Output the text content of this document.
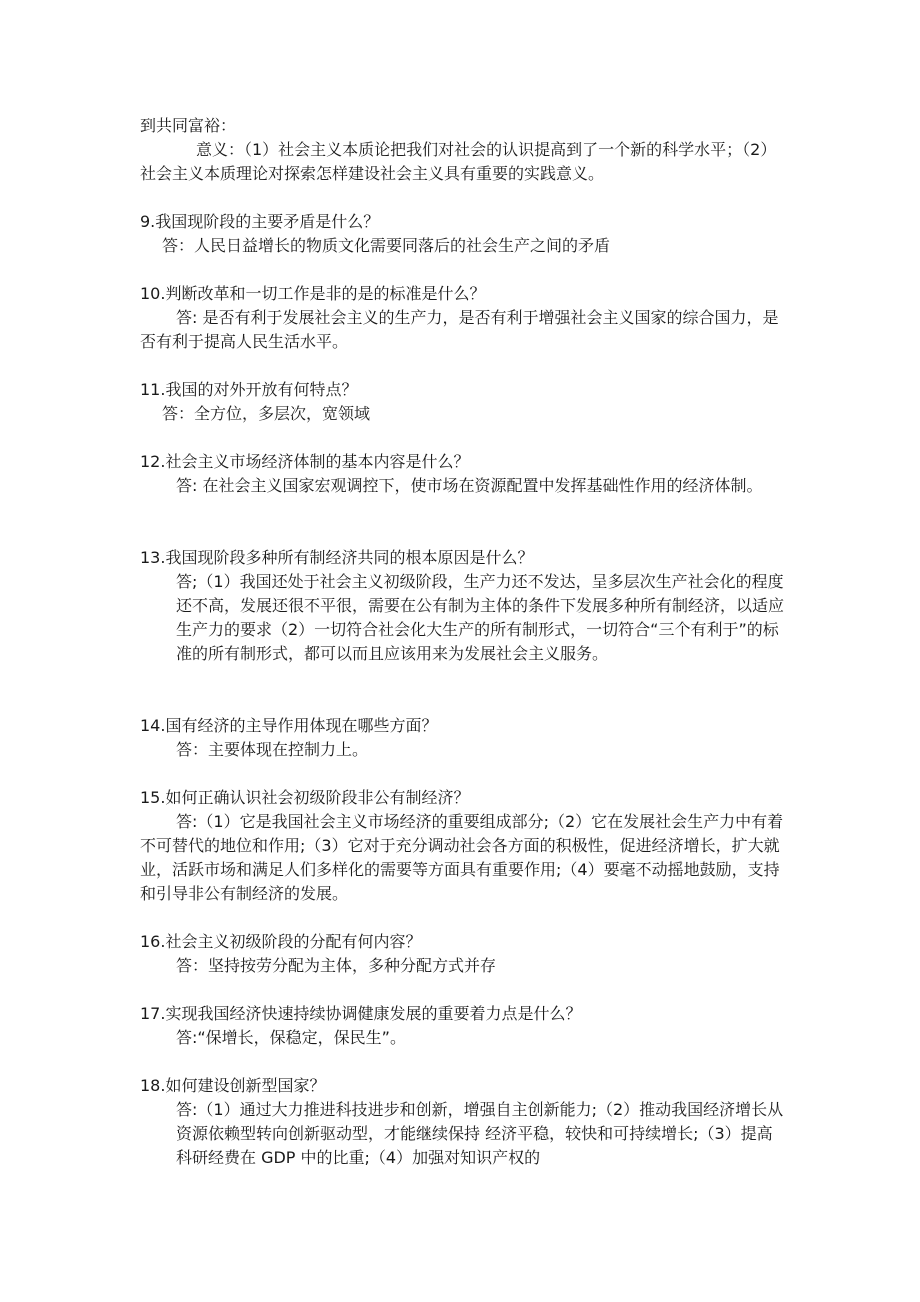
到共同富裕：

意义：（1）社会主义本质论把我们对社会的认识提高到了一个新的科学水平；（2）社会主义本质理论对探索怎样建设社会主义具有重要的实践意义。

9.我国现阶段的主要矛盾是什么？

答：人民日益增长的物质文化需要同落后的社会生产之间的矛盾

10.判断改革和一切工作是非的是的标准是什么？

答: 是否有利于发展社会主义的生产力，是否有利于增强社会主义国家的综合国力，是否有利于提高人民生活水平。

11.我国的对外开放有何特点？

答：全方位，多层次，宽领域

12.社会主义市场经济体制的基本内容是什么？

答: 在社会主义国家宏观调控下，使市场在资源配置中发挥基础性作用的经济体制。

13.我国现阶段多种所有制经济共同的根本原因是什么？

答;（1）我国还处于社会主义初级阶段，生产力还不发达，呈多层次生产社会化的程度还不高，发展还很不平很，需要在公有制为主体的条件下发展多种所有制经济，以适应生产力的要求（2）一切符合社会化大生产的所有制形式，一切符合“三个有利于”的标准的所有制形式，都可以而且应该用来为发展社会主义服务。

14.国有经济的主导作用体现在哪些方面？

答：主要体现在控制力上。

15.如何正确认识社会初级阶段非公有制经济？

答:（1）它是我国社会主义市场经济的重要组成部分;（2）它在发展社会生产力中有着不可替代的地位和作用;（3）它对于充分调动社会各方面的积极性，促进经济增长，扩大就业，活跃市场和满足人们多样化的需要等方面具有重要作用;（4）要毫不动摇地鼓励，支持和引导非公有制经济的发展。

16.社会主义初级阶段的分配有何内容？

答：坚持按劳分配为主体，多种分配方式并存

17.实现我国经济快速持续协调健康发展的重要着力点是什么？

答:“保增长，保稳定，保民生”。

18.如何建设创新型国家？

答:（1）通过大力推进科技进步和创新，增强自主创新能力;（2）推动我国经济增长从资源依赖型转向创新驱动型，才能继续保持 经济平稳，较快和可持续增长;（3）提高科研经费在 GDP 中的比重;（4）加强对知识产权的
